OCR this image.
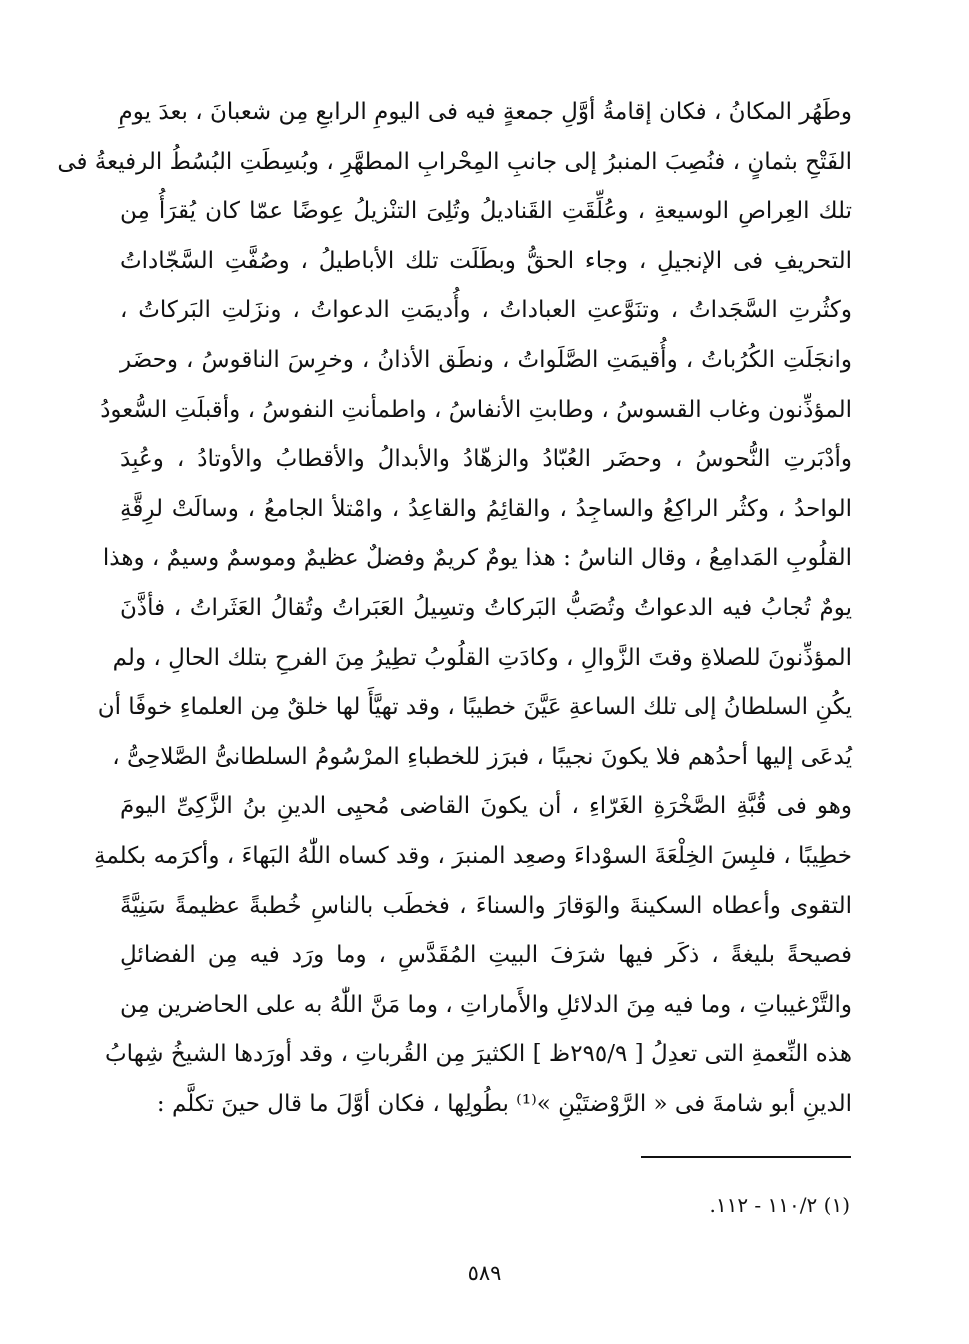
وطَهُر المكانُ ، فكان إقامةُ أوَّلِ جمعةٍ فيه فى اليومِ الرابعِ مِن شعبانَ ، بعدَ يومِ
الفَتْحِ بثمانٍ ، فنُصِبَ المنبرُ إلى جانبِ المِحْرابِ المطهَّرِ ، وبُسِطَتِ البُسُطُ الرفيعةُ فى
تلك العِراصِ الوسيعةِ ، وعُلِّقَتِ القَناديلُ وتُلِىَ التنْزيلُ عِوضًا عمّا كان يُقرَأُ مِن
التحريفِ فى الإنجيلِ ، وجاء الحقُّ وبطَلَت تلك الأباطيلُ ، وصُفَّتِ السَّجّاداتُ
وكثُرتِ السَّجَداتُ ، وتنَوَّعتِ العباداتُ ، وأُديمَتِ الدعواتُ ، ونزَلتِ البَركاتُ ،
وانجَلَتِ الكُرُباتُ ، وأُقيمَتِ الصَّلَواتُ ، ونطَق الأذانُ ، وخرِسَ الناقوسُ ، وحضَر
المؤذِّنون وغاب القسوسُ ، وطابتِ الأنفاسُ ، واطمأنتِ النفوسُ ، وأقبلَتِ السُّعودُ
وأدْبَرتِ النُّحوسُ ، وحضَر العُبّادُ والزهّادُ والأبدالُ والأقطابُ والأوتادُ ، وعُبِدَ
الواحدُ ، وكثُر الراكِعُ والساجِدُ ، والقائِمُ والقاعِدُ ، وامْتلأ الجامعُ ، وسالَتْ لرِقَّةِ
القلُوبِ المَدامِعُ ، وقال الناسُ : هذا يومٌ كريمٌ وفضلٌ عظيمٌ وموسمٌ وسيمٌ ، وهذا
يومٌ تُجابُ فيه الدعواتُ وتُصَبُّ البَركاتُ وتسِيلُ العَبَراتُ وتُقالُ العَثَراتُ ، فأذَّنَ
المؤذِّنونَ للصلاةِ وقتَ الزَّوالِ ، وكادَتِ القلُوبُ تطِيرُ مِنَ الفرحِ بتلك الحالِ ، ولم
يكُنِ السلطانُ إلى تلك الساعةِ عَيَّنَ خطيبًا ، وقد تهيَّأَ لها خلقٌ مِن العلماءِ خوفًا أن
يُدعَى إليها أحدُهم فلا يكونَ نجيبًا ، فبرَز للخطباءِ المرْسُومُ السلطانىُّ الصَّلاحِىُّ ،
وهو فى قُبَّةِ الصَّخْرَةِ الغَرّاءِ ، أن يكونَ القاضى مُحيِى الدينِ بنُ الزَّكِىِّ اليومَ
خطِيبًا ، فلبِسَ الخِلْعَةَ السوْداءَ وصعِد المنبرَ ، وقد كساه اللّٰهُ البَهاءَ ، وأكرَمه بكلمةِ
التقوى وأعطاه السكينةَ والوَقارَ والسناءَ ، فخطَب بالناسِ خُطبةً عظيمةً سَنِيَّةً
فصيحةً بليغةً ، ذكَر فيها شرَفَ البيتِ المُقَدَّسِ ، وما ورَد فيه مِن الفضائلِ
والتَّرْغيباتِ ، وما فيه مِنَ الدلائلِ والأَماراتِ ، وما مَنَّ اللّٰهُ به على الحاضرين مِن
هذه النِّعمةِ التى تعدِلُ [ ٢٩٥/٩ظ ] الكثيرَ مِن القُرباتِ ، وقد أورَدها الشيخُ شِهابُ
الدينِ أبو شامةَ فى « الرَّوْضتَيْنِ »⁽¹⁾ بطُولِها ، فكان أوَّلَ ما قال حينَ تكلَّم :
(١) ١١٠/٢ - ١١٢.
٥٨٩
